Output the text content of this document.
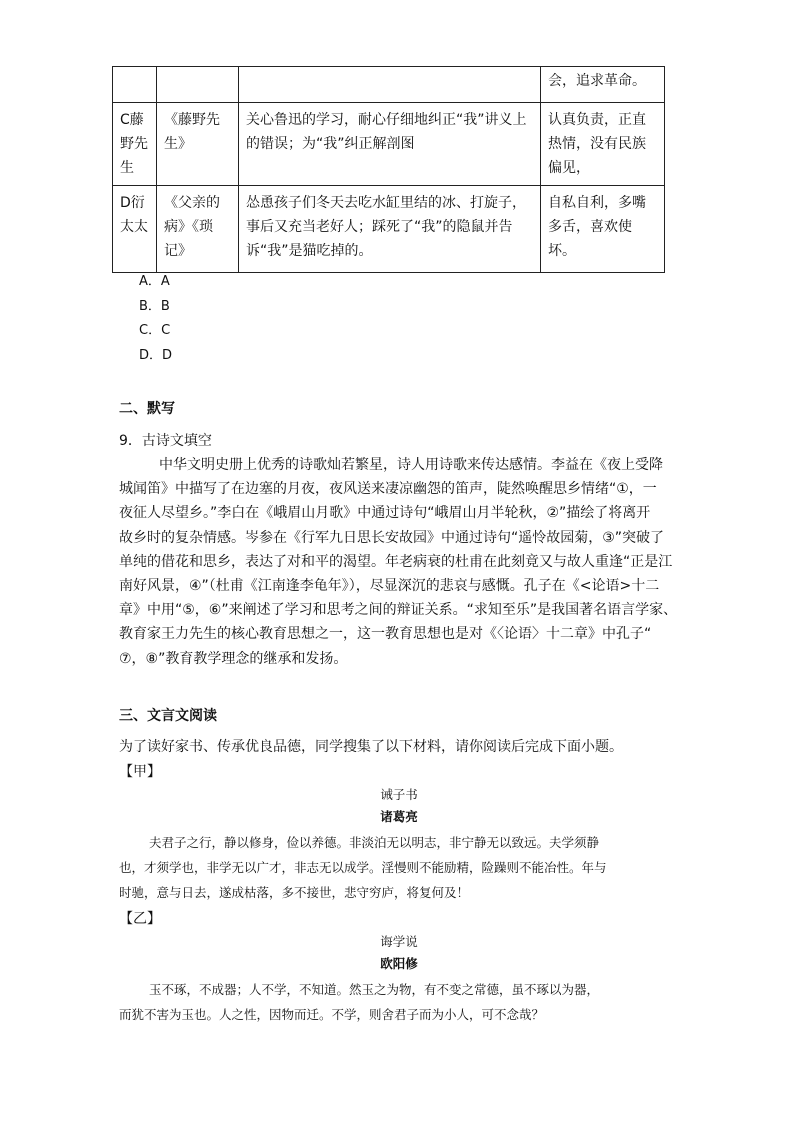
			会，追求革命。
C藤野先生	《藤野先生》	关心鲁迅的学习，耐心仔细地纠正“我”讲义上的错误；为“我”纠正解剖图	认真负责，正直热情，没有民族偏见，
D衍太太	《父亲的病》《琐记》	怂恿孩子们冬天去吃水缸里结的冰、打旋子，事后又充当老好人；踩死了“我”的隐鼠并告诉“我”是猫吃掉的。	自私自利，多嘴多舌，喜欢使坏。
A．A
B．B
C．C
D．D
二、默写
9．古诗文填空
中华文明史册上优秀的诗歌灿若繁星，诗人用诗歌来传达感情。李益在《夜上受降
城闻笛》中描写了在边塞的月夜，夜风送来凄凉幽怨的笛声，陡然唤醒思乡情绪“①，一
夜征人尽望乡。”李白在《峨眉山月歌》中通过诗句“峨眉山月半轮秋，②”描绘了将离开
故乡时的复杂情感。岑参在《行军九日思长安故园》中通过诗句“遥怜故园菊，③”突破了
单纯的借花和思乡，表达了对和平的渴望。年老病衰的杜甫在此刻竟又与故人重逢“正是江
南好风景，④”（杜甫《江南逢李龟年》），尽显深沉的悲哀与感慨。孔子在《<论语>十二
章》中用“⑤，⑥”来阐述了学习和思考之间的辩证关系。“求知至乐”是我国著名语言学家、
教育家王力先生的核心教育思想之一，这一教育思想也是对《〈论语〉十二章》中孔子“
⑦，⑧”教育教学理念的继承和发扬。
三、文言文阅读
为了读好家书、传承优良品德，同学搜集了以下材料，请你阅读后完成下面小题。
【甲】
诫子书
诸葛亮
夫君子之行，静以修身，俭以养德。非淡泊无以明志，非宁静无以致远。夫学须静
也，才须学也，非学无以广才，非志无以成学。淫慢则不能励精，险躁则不能冶性。年与
时驰，意与日去，遂成枯落，多不接世，悲守穷庐，将复何及！
【乙】
诲学说
欧阳修
玉不琢，不成器；人不学，不知道。然玉之为物，有不变之常德，虽不琢以为器，
而犹不害为玉也。人之性，因物而迁。不学，则舍君子而为小人，可不念哉？
